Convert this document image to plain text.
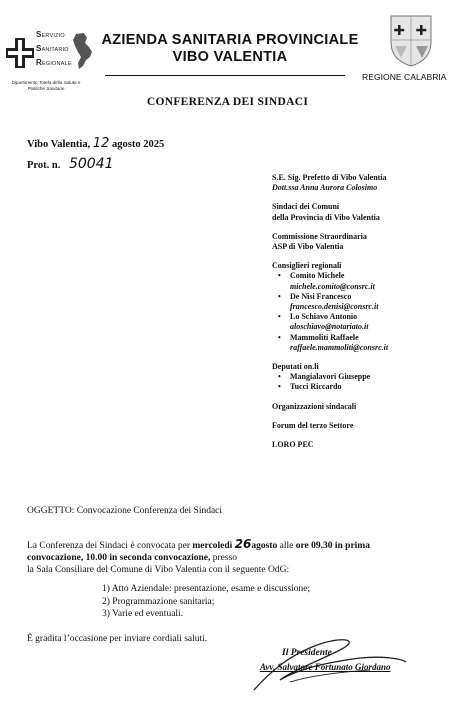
SERVIZIO
SANITARIO
REGIONALE
Dipartimento Tutela della Salute e Politiche Sanitarie
AZIENDA SANITARIA PROVINCIALE
VIBO VALENTIA
REGIONE CALABRIA
CONFERENZA DEI SINDACI
Vibo Valentia, 12 agosto 2025
Prot. n. 50041
S.E. Sig. Prefetto di Vibo Valentia
Dott.ssa Anna Aurora Colosimo
Sindaci dei Comuni
della Provincia di Vibo Valentia
Commissione Straordinaria
ASP di Vibo Valentia
Consiglieri regionali
• Comito Michele
michele.comito@consrc.it
• De Nisi Francesco
francesco.denisi@consrc.it
• Lo Schiavo Antonio
aloschiavo@notariato.it
• Mammoliti Raffaele
raffaele.mammoliti@consrc.it
Deputati on.li
• Mangialavori Giuseppe
• Tucci Riccardo
Organizzazioni sindacali
Forum del terzo Settore
LORO PEC
OGGETTO: Convocazione Conferenza dei Sindaci
La Conferenza dei Sindaci è convocata per mercoledì 26agosto alle ore 09.30 in prima convocazione, 10.00 in seconda convocazione, presso
la Sala Consiliare del Comune di Vibo Valentia con il seguente OdG:
1) Atto Aziendale: presentazione, esame e discussione;
2) Programmazione sanitaria;
3) Varie ed eventuali.
È gradita l’occasione per inviare cordiali saluti.
Il Presidente
Avv. Salvatore Fortunato Giordano
